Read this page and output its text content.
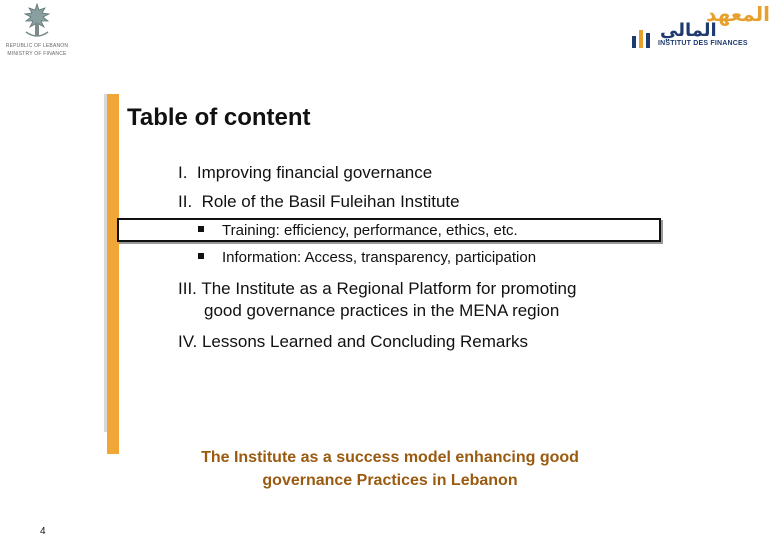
REPUBLIC OF LEBANON
MINISTRY OF FINANCE
المعهد
المالي
INSTITUT DES FINANCES
Table of content
I. Improving financial governance
II. Role of the Basil Fuleihan Institute
Training: efficiency, performance, ethics, etc.
Information: Access, transparency, participation
III. The Institute as a Regional Platform for promoting
good governance practices in the MENA region
IV. Lessons Learned and Concluding Remarks
The Institute as a success model enhancing good
governance Practices in Lebanon
4
